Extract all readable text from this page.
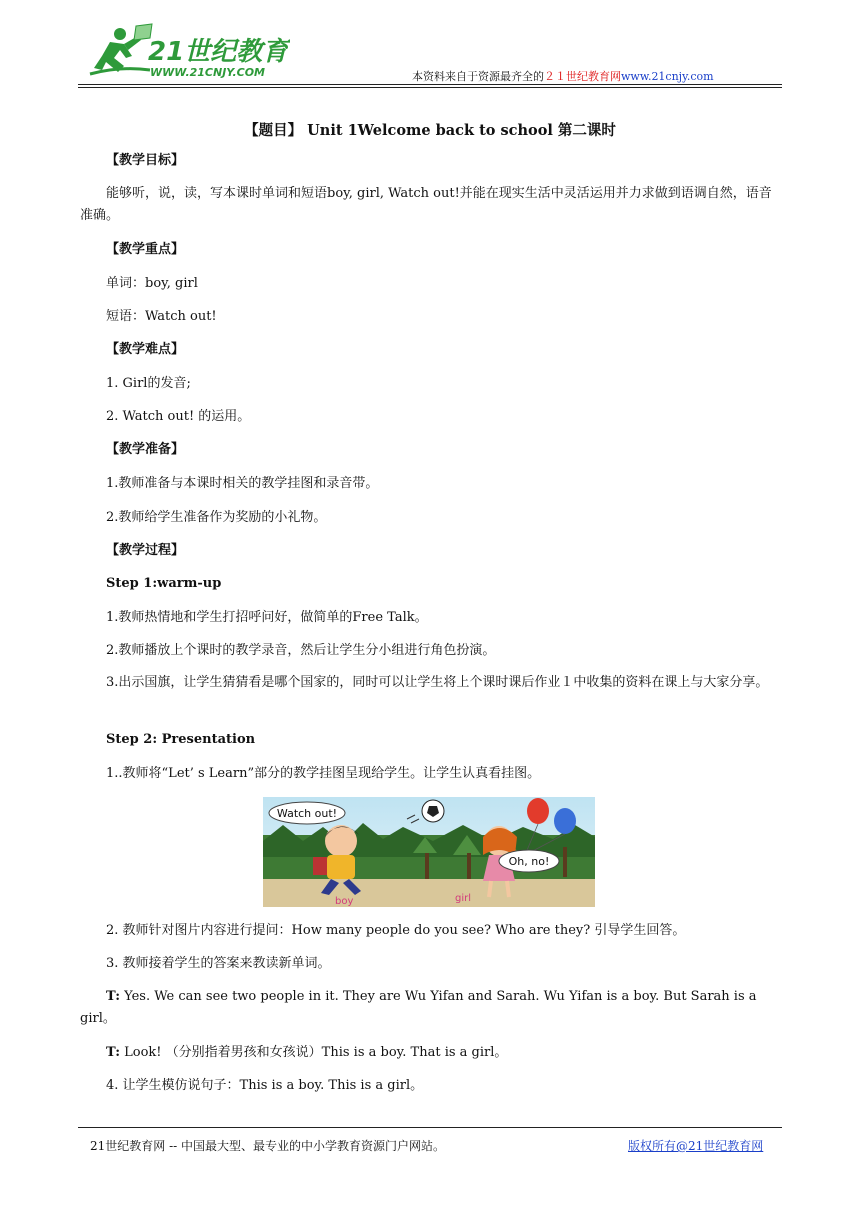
21世纪教育
WWW.21CNJY.COM	本资料来自于资源最齐全的２１世纪教育网www.21cnjy.com
【题目】 Unit 1Welcome back to school 第二课时
【教学目标】
能够听，说，读，写本课时单词和短语boy, girl, Watch out!并能在现实生活中灵活运用并力求做到语调自然，语音准确。
【教学重点】
单词：boy, girl
短语：Watch out!
【教学难点】
1. Girl的发音;
2. Watch out! 的运用。
【教学准备】
1.教师准备与本课时相关的教学挂图和录音带。
2.教师给学生准备作为奖励的小礼物。
【教学过程】
Step 1:warm-up
1.教师热情地和学生打招呼问好，做简单的Free Talk。
2.教师播放上个课时的教学录音，然后让学生分小组进行角色扮演。
3.出示国旗，让学生猜猜看是哪个国家的，同时可以让学生将上个课时课后作业１中收集的资料在课上与大家分享。
Step 2: Presentation
1..教师将“Let’ s Learn”部分的教学挂图呈现给学生。让学生认真看挂图。
Watch out!
Oh, no!
boy	girl
2. 教师针对图片内容进行提问：How many people do you see? Who are they? 引导学生回答。
3. 教师接着学生的答案来教读新单词。
T: Yes. We can see two people in it. They are Wu Yifan and Sarah. Wu Yifan is a boy. But Sarah is a girl。
T: Look! （分别指着男孩和女孩说）This is a boy. That is a girl。
4. 让学生模仿说句子：This is a boy. This is a girl。
21世纪教育网 -- 中国最大型、最专业的中小学教育资源门户网站。	版权所有@21世纪教育网
